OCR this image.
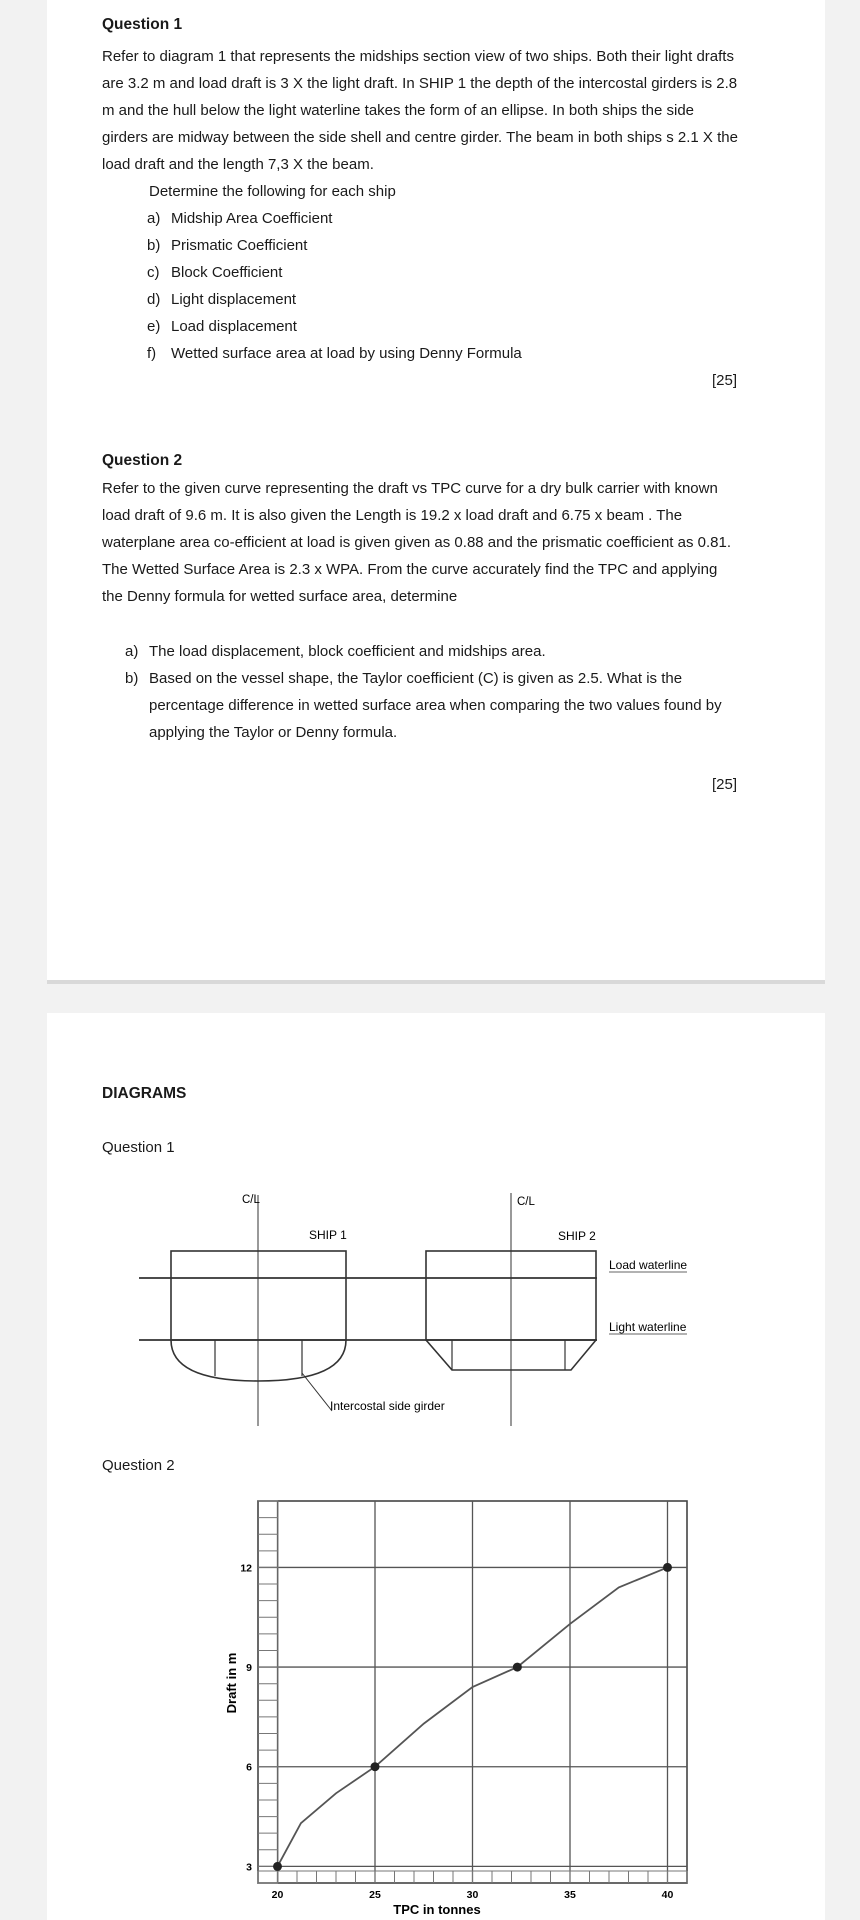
Question 1
Refer to diagram 1 that represents the midships section view of two ships. Both their light drafts
are 3.2 m and load draft is 3 X the light draft. In SHIP 1 the depth of the intercostal girders is 2.8
m and the hull below the light waterline takes the form of an ellipse. In both ships the side
girders are midway between the side shell and centre girder. The beam in both ships s 2.1 X the
load draft and the length 7,3 X the beam.
Determine the following for each ship
a) Midship Area Coefficient
b) Prismatic Coefficient
c) Block Coefficient
d) Light displacement
e) Load displacement
f) Wetted surface area at load by using Denny Formula
[25]
Question 2
Refer to the given curve representing the draft vs TPC curve for a dry bulk carrier with known
load draft of 9.6 m. It is also given the Length is 19.2 x load draft and 6.75 x beam . The
waterplane area co-efficient at load is given given as 0.88 and the prismatic coefficient as 0.81.
The Wetted Surface Area is 2.3 x WPA. From the curve accurately find the TPC and applying
the Denny formula for wetted surface area, determine
a) The load displacement, block coefficient and midships area.
b) Based on the vessel shape, the Taylor coefficient (C) is given as 2.5. What is the
percentage difference in wetted surface area when comparing the two values found by
applying the Taylor or Denny formula.
[25]
DIAGRAMS
Question 1
C/L	C/L
SHIP 1	SHIP 2
Load waterline
Light waterline
Intercostal side girder
Question 2
20	25	30	35	40
3
6
9
12
TPC in tonnes
Draft in m
